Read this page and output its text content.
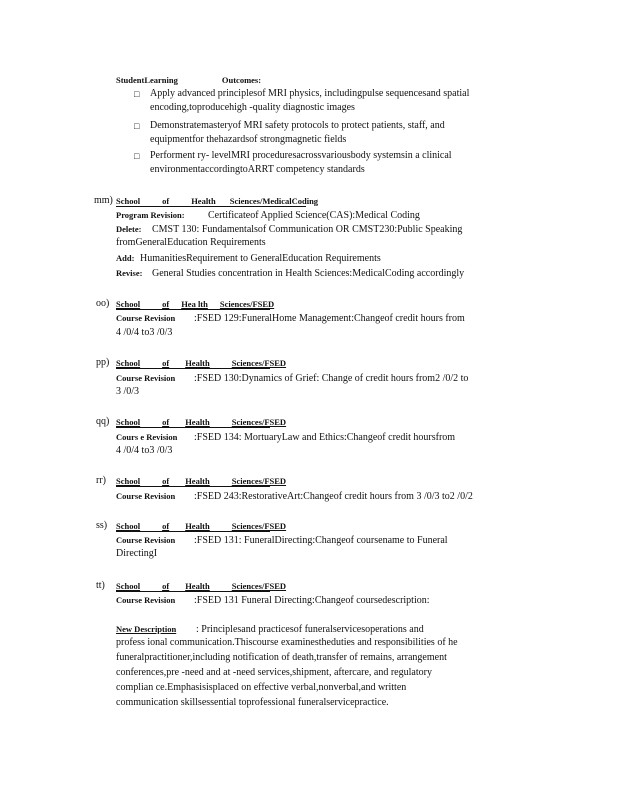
StudentLearning	Outcomes:
□ Apply advanced principlesof MRI physics, includingpulse sequencesand spatial
encoding,toproducehigh -quality diagnostic images
□ Demonstratemasteryof MRI safety protocols to protect patients, staff, and
equipmentfor thehazardsof strongmagnetic fields
□ Performent ry- levelMRI proceduresacrossvariousbody systemsin a clinical
environmentaccordingtoARRT competency standards
mm) School	of	Health Sciences/MedicalCoding
Program Revision: Certificateof Applied Science(CAS):Medical Coding
Delete: CMST 130: Fundamentalsof Communication OR CMST230:Public Speaking
fromGeneralEducation Requirements
Add: HumanitiesRequirement to GeneralEducation Requirements
Revise: General Studies concentration in Health Sciences:MedicalCoding accordingly
oo) School	of Hea lth Sciences/FSED
Course Revision :FSED 129:FuneralHome Management:Changeof credit hours from
4 /0/4 to3 /0/3
pp) School	of Health	Sciences/FSED
Course Revision :FSED 130:Dynamics of Grief: Change of credit hours from2 /0/2 to
3 /0/3
qq) School	of Health	Sciences/FSED
Cours e Revision :FSED 134: MortuaryLaw and Ethics:Changeof credit hoursfrom
4 /0/4 to3 /0/3
rr) School	of Health	Sciences/FSED
Course Revision :FSED 243:RestorativeArt:Changeof credit hours from 3 /0/3 to2 /0/2
ss) School	of Health	Sciences/FSED
Course Revision :FSED 131: FuneralDirecting:Changeof coursename to Funeral
DirectingI
tt) School	of Health	Sciences/FSED
Course Revision :FSED 131 Funeral Directing:Changeof coursedescription:
New Description : Principlesand practicesof funeralservicesoperations and
profess ional communication.Thiscourse examinestheduties and responsibilities of he
funeralpractitioner,including notification of death,transfer of remains, arrangement
conferences,pre -need and at -need services,shipment, aftercare, and regulatory
complian ce.Emphasisisplaced on effective verbal,nonverbal,and written
communication skillsessential toprofessional funeralservicepractice.
